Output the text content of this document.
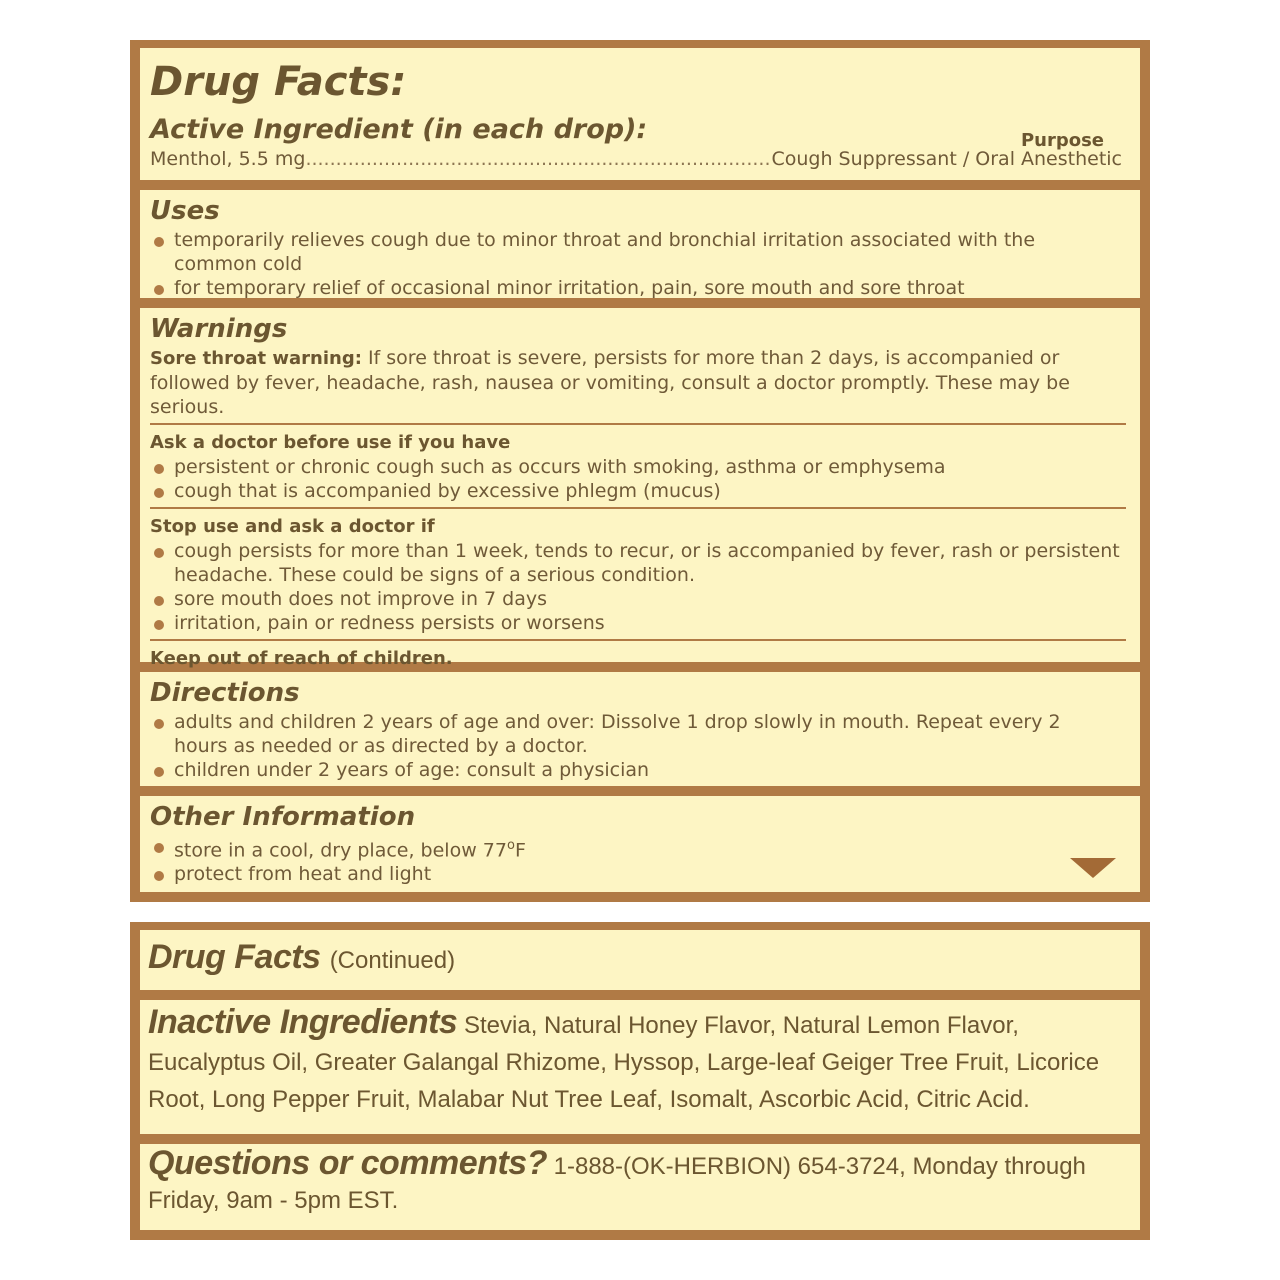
Drug Facts:
Active Ingredient (in each drop):	Purpose
Menthol, 5.5 mg
.....	Cough Suppressant / Oral Anesthetic
Uses
temporarily relieves cough due to minor throat and bronchial irritation associated with the common cold
for temporary relief of occasional minor irritation, pain, sore mouth and sore throat
Warnings
Sore throat warning: If sore throat is severe, persists for more than 2 days, is accompanied or followed by fever, headache, rash, nausea or vomiting, consult a doctor promptly. These may be serious.
Ask a doctor before use if you have
persistent or chronic cough such as occurs with smoking, asthma or emphysema
cough that is accompanied by excessive phlegm (mucus)
Stop use and ask a doctor if
cough persists for more than 1 week, tends to recur, or is accompanied by fever, rash or persistent headache. These could be signs of a serious condition.
sore mouth does not improve in 7 days
irritation, pain or redness persists or worsens
Keep out of reach of children.
Directions
adults and children 2 years of age and over: Dissolve 1 drop slowly in mouth. Repeat every 2 hours as needed or as directed by a doctor.
children under 2 years of age: consult a physician
Other Information
store in a cool, dry place, below 77$^o$F
protect from heat and light
Drug Facts (Continued)
Inactive Ingredients Stevia, Natural Honey Flavor, Natural Lemon Flavor, Eucalyptus Oil, Greater Galangal Rhizome, Hyssop, Large-leaf Geiger Tree Fruit, Licorice Root, Long Pepper Fruit, Malabar Nut Tree Leaf, Isomalt, Ascorbic Acid, Citric Acid.
Questions or comments? 1-888-(OK-HERBION) 654-3724, Monday through Friday, 9am - 5pm EST.
